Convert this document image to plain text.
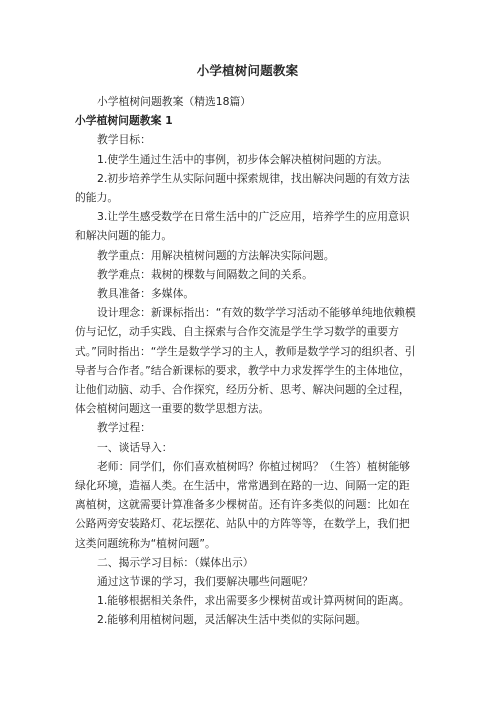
小学植树问题教案

小学植树问题教案（精选18篇）

小学植树问题教案 1

教学目标：

1.使学生通过生活中的事例，初步体会解决植树问题的方法。

2.初步培养学生从实际问题中探索规律，找出解决问题的有效方法的能力。

3.让学生感受数学在日常生活中的广泛应用，培养学生的应用意识和解决问题的能力。

教学重点：用解决植树问题的方法解决实际问题。

教学难点：栽树的棵数与间隔数之间的关系。

教具准备：多媒体。

设计理念：新课标指出：“有效的数学学习活动不能够单纯地依赖模仿与记忆，动手实践、自主探索与合作交流是学生学习数学的重要方式。”同时指出：“学生是数学学习的主人，教师是数学学习的组织者、引导者与合作者。”结合新课标的要求，教学中力求发挥学生的主体地位，让他们动脑、动手、合作探究，经历分析、思考、解决问题的全过程，体会植树问题这一重要的数学思想方法。

教学过程：

一、谈话导入：

老师：同学们，你们喜欢植树吗？你植过树吗？（生答）植树能够绿化环境，造福人类。在生活中，常常遇到在路的一边、间隔一定的距离植树，这就需要计算准备多少棵树苗。还有许多类似的问题：比如在公路两旁安装路灯、花坛摆花、站队中的方阵等等，在数学上，我们把这类问题统称为“植树问题”。

二、揭示学习目标：（媒体出示）

通过这节课的学习，我们要解决哪些问题呢？

1.能够根据相关条件，求出需要多少棵树苗或计算两树间的距离。

2.能够利用植树问题，灵活解决生活中类似的实际问题。
